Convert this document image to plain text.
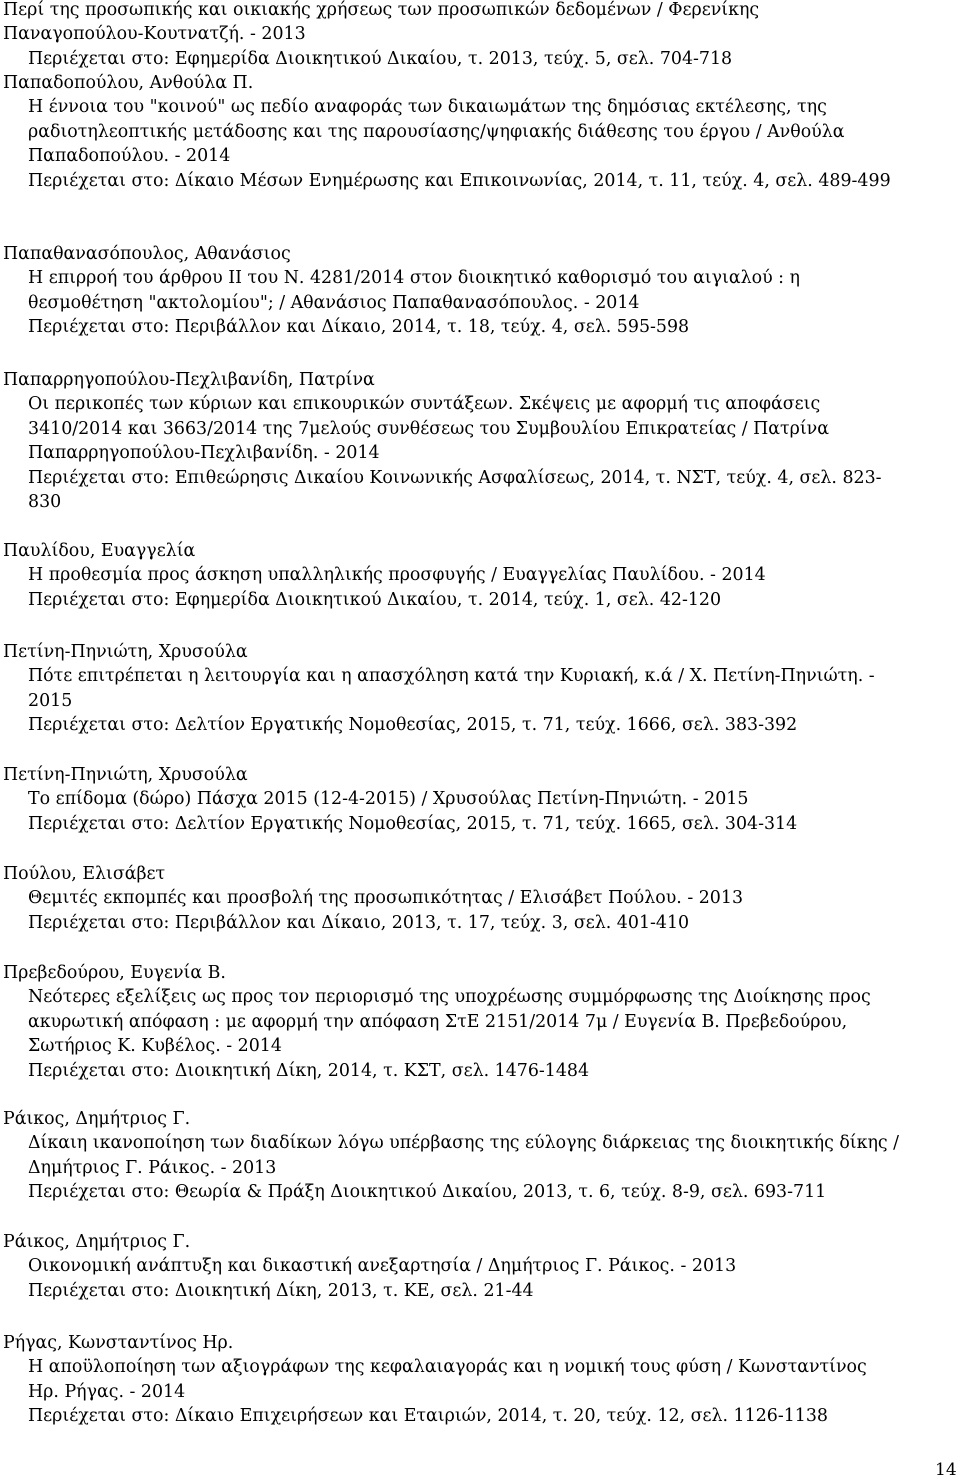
Περί της προσωπικής και οικιακής χρήσεως των προσωπικών δεδομένων / Φερενίκης Παναγοπούλου-Κουτνατζή. - 2013

Περιέχεται στο: Εφημερίδα Διοικητικού Δικαίου, τ. 2013, τεύχ. 5, σελ. 704-718

Παπαδοπούλου, Ανθούλα Π.

Η έννοια του "κοινού" ως πεδίο αναφοράς των δικαιωμάτων της δημόσιας εκτέλεσης, της ραδιοτηλεοπτικής μετάδοσης και της παρουσίασης/ψηφιακής διάθεσης του έργου / Ανθούλα Παπαδοπούλου. - 2014

Περιέχεται στο: Δίκαιο Μέσων Ενημέρωσης και Επικοινωνίας, 2014, τ. 11, τεύχ. 4, σελ. 489-499

Παπαθανασόπουλος, Αθανάσιος

Η επιρροή του άρθρου ΙΙ του Ν. 4281/2014 στον διοικητικό καθορισμό του αιγιαλού : η θεσμοθέτηση "ακτολομίου"; / Αθανάσιος Παπαθανασόπουλος. - 2014

Περιέχεται στο: Περιβάλλον και Δίκαιο, 2014, τ. 18, τεύχ. 4, σελ. 595-598

Παπαρρηγοπούλου-Πεχλιβανίδη, Πατρίνα

Οι περικοπές των κύριων και επικουρικών συντάξεων. Σκέψεις με αφορμή τις αποφάσεις 3410/2014 και 3663/2014 της 7μελούς συνθέσεως του Συμβουλίου Επικρατείας / Πατρίνα Παπαρρηγοπούλου-Πεχλιβανίδη. - 2014

Περιέχεται στο: Επιθεώρησις Δικαίου Κοινωνικής Ασφαλίσεως, 2014, τ. ΝΣΤ, τεύχ. 4, σελ. 823-830

Παυλίδου, Ευαγγελία

Η προθεσμία προς άσκηση υπαλληλικής προσφυγής / Ευαγγελίας Παυλίδου. - 2014

Περιέχεται στο: Εφημερίδα Διοικητικού Δικαίου, τ. 2014, τεύχ. 1, σελ. 42-120

Πετίνη-Πηνιώτη, Χρυσούλα

Πότε επιτρέπεται η λειτουργία και η απασχόληση κατά την Κυριακή, κ.ά / Χ. Πετίνη-Πηνιώτη. - 2015

Περιέχεται στο: Δελτίον Εργατικής Νομοθεσίας, 2015, τ. 71, τεύχ. 1666, σελ. 383-392

Πετίνη-Πηνιώτη, Χρυσούλα

Το επίδομα (δώρο) Πάσχα 2015 (12-4-2015) / Χρυσούλας Πετίνη-Πηνιώτη. - 2015

Περιέχεται στο: Δελτίον Εργατικής Νομοθεσίας, 2015, τ. 71, τεύχ. 1665, σελ. 304-314

Πούλου, Ελισάβετ

Θεμιτές εκπομπές και προσβολή της προσωπικότητας / Ελισάβετ Πούλου. - 2013

Περιέχεται στο: Περιβάλλον και Δίκαιο, 2013, τ. 17, τεύχ. 3, σελ. 401-410

Πρεβεδούρου, Ευγενία Β.

Νεότερες εξελίξεις ως προς τον περιορισμό της υποχρέωσης συμμόρφωσης της Διοίκησης προς ακυρωτική απόφαση : με αφορμή την απόφαση ΣτΕ 2151/2014 7μ / Ευγενία Β. Πρεβεδούρου, Σωτήριος Κ. Κυβέλος. - 2014

Περιέχεται στο: Διοικητική Δίκη, 2014, τ. ΚΣΤ, σελ. 1476-1484

Ράικος, Δημήτριος Γ.

Δίκαιη ικανοποίηση των διαδίκων λόγω υπέρβασης της εύλογης διάρκειας της διοικητικής δίκης / Δημήτριος Γ. Ράικος. - 2013

Περιέχεται στο: Θεωρία & Πράξη Διοικητικού Δικαίου, 2013, τ. 6, τεύχ. 8-9, σελ. 693-711

Ράικος, Δημήτριος Γ.

Οικονομική ανάπτυξη και δικαστική ανεξαρτησία / Δημήτριος Γ. Ράικος. - 2013

Περιέχεται στο: Διοικητική Δίκη, 2013, τ. ΚΕ, σελ. 21-44

Ρήγας, Κωνσταντίνος Ηρ.

Η αποϋλοποίηση των αξιογράφων της κεφαλαιαγοράς και η νομική τους φύση / Κωνσταντίνος Ηρ. Ρήγας. - 2014

Περιέχεται στο: Δίκαιο Επιχειρήσεων και Εταιριών, 2014, τ. 20, τεύχ. 12, σελ. 1126-1138

14
